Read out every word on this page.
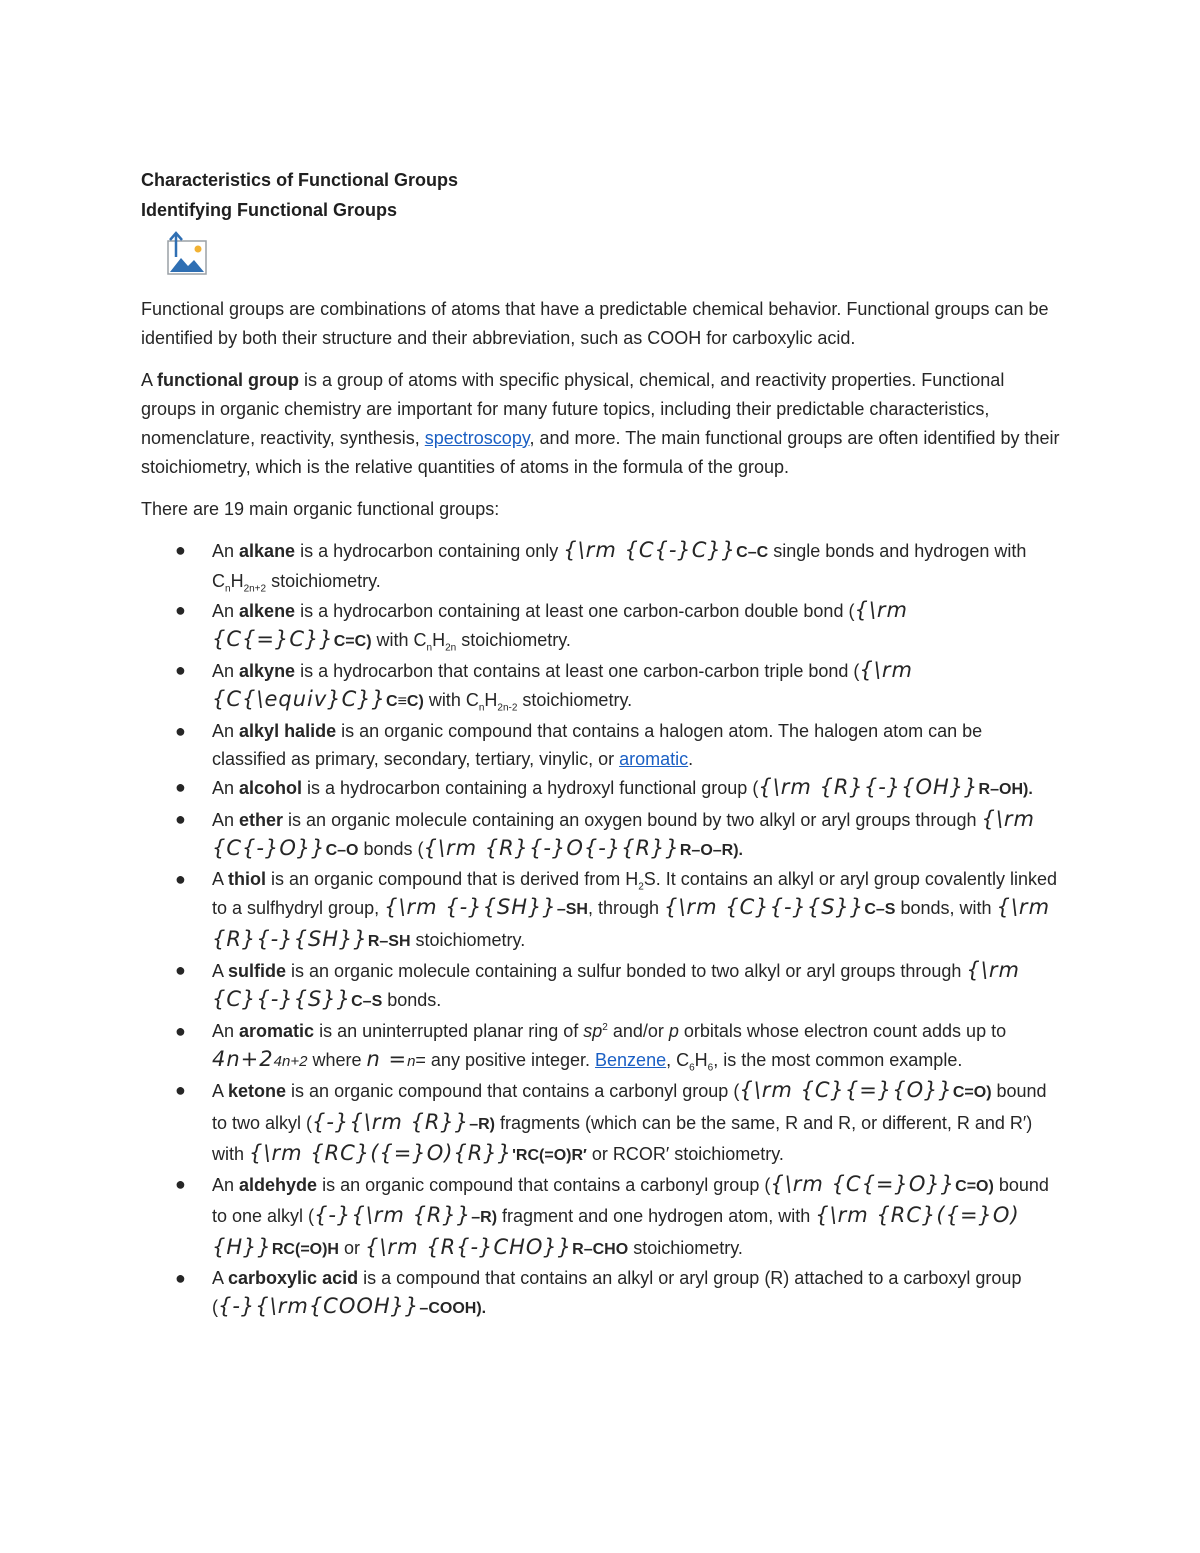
Characteristics of Functional Groups
Identifying Functional Groups

Functional groups are combinations of atoms that have a predictable chemical behavior. Functional groups can be identified by both their structure and their abbreviation, such as COOH for carboxylic acid.

A functional group is a group of atoms with specific physical, chemical, and reactivity properties. Functional groups in organic chemistry are important for many future topics, including their predictable characteristics, nomenclature, reactivity, synthesis, spectroscopy, and more. The main functional groups are often identified by their stoichiometry, which is the relative quantities of atoms in the formula of the group.

There are 19 main organic functional groups:

● An alkane is a hydrocarbon containing only {\rm {C{-}C}}C–C single bonds and hydrogen with $C_nH_{2n+2}$ stoichiometry.
● An alkene is a hydrocarbon containing at least one carbon-carbon double bond ({\rm {C{=}C}}C=C) with $C_nH_{2n}$ stoichiometry.
● An alkyne is a hydrocarbon that contains at least one carbon-carbon triple bond ({\rm {C{\equiv}C}}C≡C) with $C_nH_{2n-2}$ stoichiometry.
● An alkyl halide is an organic compound that contains a halogen atom. The halogen atom can be classified as primary, secondary, tertiary, vinylic, or aromatic.
● An alcohol is a hydrocarbon containing a hydroxyl functional group ({\rm {R}{-}{OH}}R–OH).
● An ether is an organic molecule containing an oxygen bound by two alkyl or aryl groups through {\rm {C{-}O}}C–O bonds ({\rm {R}{-}O{-}{R}}R–O–R).
● A thiol is an organic compound that is derived from $H_2S$. It contains an alkyl or aryl group covalently linked to a sulfhydryl group, {\rm {-}{SH}}–SH, through {\rm {C}{-}{S}}C–S bonds, with {\rm {R}{-}{SH}}R–SH stoichiometry.
● A sulfide is an organic molecule containing a sulfur bonded to two alkyl or aryl groups through {\rm {C}{-}{S}}C–S bonds.
● An aromatic is an uninterrupted planar ring of $sp^2$ and/or p orbitals whose electron count adds up to 4n+24n+2 where n =n= any positive integer. Benzene, $C_6H_6$, is the most common example.
● A ketone is an organic compound that contains a carbonyl group ({\rm {C}{=}{O}}C=O) bound to two alkyl ({-}{\rm {R}}–R) fragments (which can be the same, R and R, or different, R and R′) with {\rm {RC}({=}O){R}}'RC(=O)R′ or RCOR′ stoichiometry.
● An aldehyde is an organic compound that contains a carbonyl group ({\rm {C{=}O}}C=O) bound to one alkyl ({-}{\rm {R}}–R) fragment and one hydrogen atom, with {\rm {RC}({=}O){H}}RC(=O)H or {\rm {R{-}CHO}}R–CHO stoichiometry.
● A carboxylic acid is a compound that contains an alkyl or aryl group (R) attached to a carboxyl group ({-}{\rm{COOH}}–COOH).
